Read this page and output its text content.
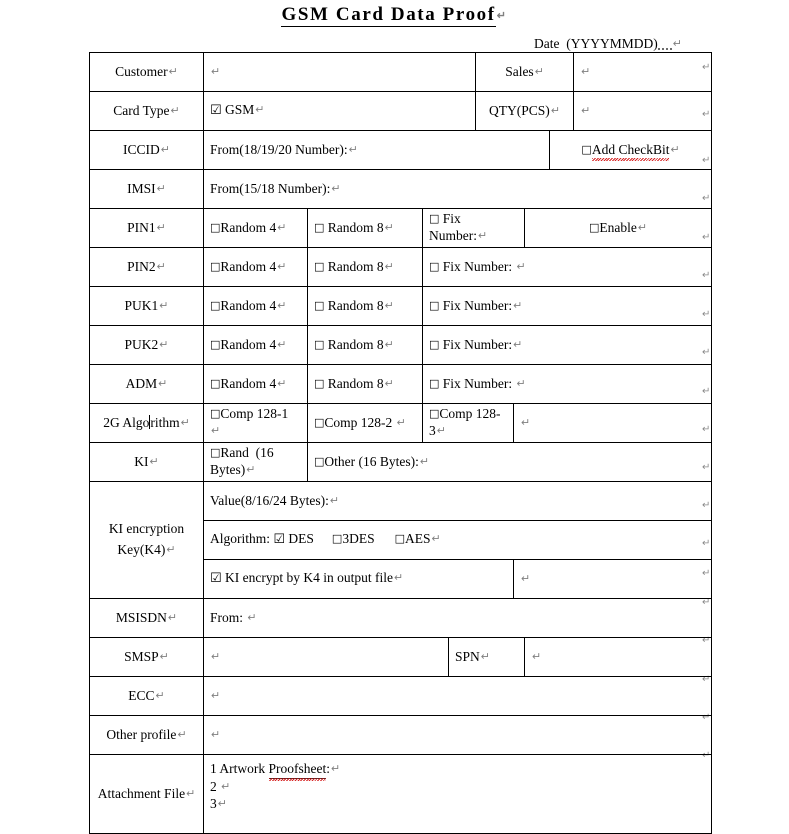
GSM Card Data Proof↵
Date (YYYYMMDD) ↵
↵
↵
↵
↵
↵
↵
↵
↵
↵
↵
↵
↵
↵
↵
↵
↵
↵
↵
↵
Customer↵	↵				Sales↵				↵
Card Type↵	☑ GSM↵				QTY(PCS)↵				↵
ICCID↵	From(18/19/20 Number):↵							□Add CheckBit↵	
IMSI↵	From(15/18 Number):↵								
PIN1↵	□Random 4↵	□ Random 8↵	□ Fix Number:↵				□Enable↵		
PIN2↵	□Random 4↵	□ Random 8↵	□ Fix Number: ↵						
PUK1↵	□Random 4↵	□ Random 8↵	□ Fix Number:↵						
PUK2↵	□Random 4↵	□ Random 8↵	□ Fix Number:↵						
ADM↵	□Random 4↵	□ Random 8↵	□ Fix Number: ↵						
2G Algorithm↵	□Comp 128-1 ↵	□Comp 128-2 ↵	□Comp 128-3↵			↵			
KI↵	□Rand (16 Bytes)↵	□Other (16 Bytes):↵							
KI encryption
Key(K4)↵	Value(8/16/24 Bytes):↵								
	Algorithm: ☑ DES □3DES □AES↵								
	☑ KI encrypt by K4 in output file↵					↵			
MSISDN↵	From: ↵								
SMSP↵	↵			SPN↵			↵		
ECC↵	↵								
Other profile↵	↵								
Attachment File↵	1 Artwork Proofsheet:↵
2 ↵
3↵								
